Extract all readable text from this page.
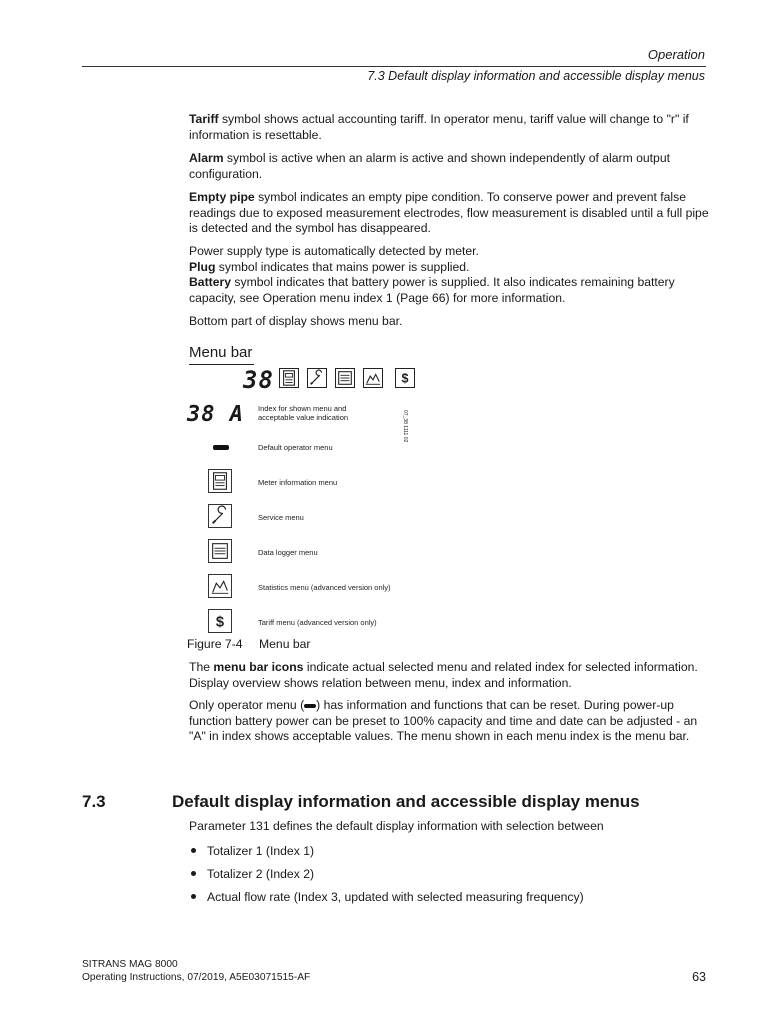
Operation
7.3 Default display information and accessible display menus

Tariff symbol shows actual accounting tariff. In operator menu, tariff value will change to "r" if information is resettable.

Alarm symbol is active when an alarm is active and shown independently of alarm output configuration.

Empty pipe symbol indicates an empty pipe condition. To conserve power and prevent false readings due to exposed measurement electrodes, flow measurement is disabled until a full pipe is detected and the symbol has disappeared.

Power supply type is automatically detected by meter.

Plug symbol indicates that mains power is supplied.

Battery symbol indicates that battery power is supplied. It also indicates remaining battery capacity, see Operation menu index 1 (Page 66) for more information.

Bottom part of display shows menu bar.

Menu bar
38	$
38 A Index for shown menu and acceptable value indication	07_38 1111 02
Default operator menu
Meter information menu
Service menu
Data logger menu
Statistics menu (advanced version only)
$	Tariff menu (advanced version only)
Figure 7-4 Menu bar

The menu bar icons indicate actual selected menu and related index for selected information. Display overview shows relation between menu, index and information.

Only operator menu ( ) has information and functions that can be reset. During power-up function battery power can be preset to 100% capacity and time and date can be adjusted - an "A" in index shows acceptable values. The menu shown in each menu index is the menu bar.

7.3	Default display information and accessible display menus
Parameter 131 defines the default display information with selection between
Totalizer 1 (Index 1)
Totalizer 2 (Index 2)
Actual flow rate (Index 3, updated with selected measuring frequency)
SITRANS MAG 8000
Operating Instructions, 07/2019, A5E03071515-AF	63
